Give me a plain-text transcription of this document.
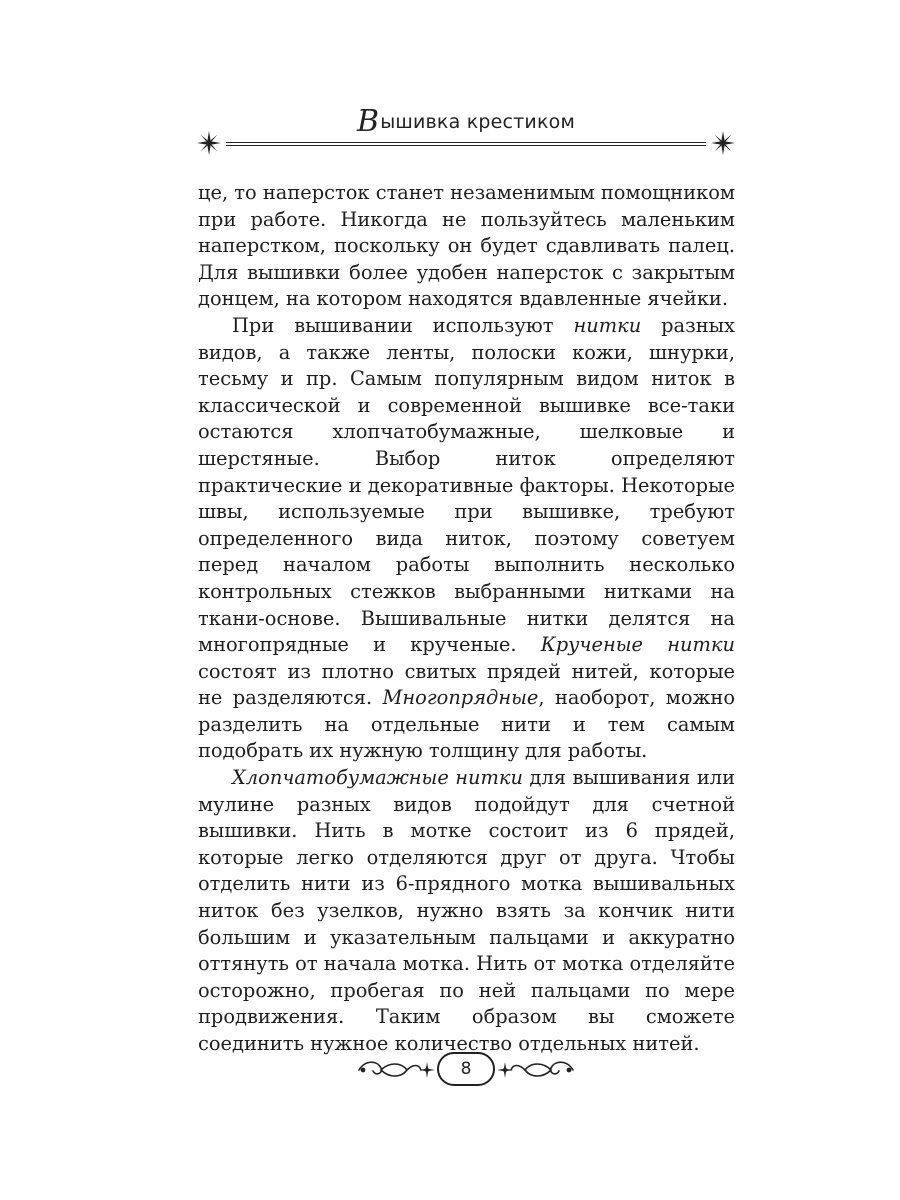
Вышивка крестиком

це, то наперсток станет незаменимым помощником при работе. Никогда не пользуйтесь маленьким наперстком, поскольку он будет сдавливать палец. Для вышивки более удобен наперсток с закрытым донцем, на котором находятся вдавленные ячейки.

При вышивании используют нитки разных видов, а также ленты, полоски кожи, шнурки, тесьму и пр. Самым популярным видом ниток в классической и современной вышивке все-таки остаются хлопчатобумажные, шелковые и шерстяные. Выбор ниток определяют практические и декоративные факторы. Некоторые швы, используемые при вышивке, требуют определенного вида ниток, поэтому советуем перед началом работы выполнить несколько контрольных стежков выбранными нитками на ткани-основе. Вышивальные нитки делятся на многопрядные и крученые. Крученые нитки состоят из плотно свитых прядей нитей, которые не разделяются. Многопрядные, наоборот, можно разделить на отдельные нити и тем самым подобрать их нужную толщину для работы.

Хлопчатобумажные нитки для вышивания или мулине разных видов подойдут для счетной вышивки. Нить в мотке состоит из 6 прядей, которые легко отделяются друг от друга. Чтобы отделить нити из 6-прядного мотка вышивальных ниток без узелков, нужно взять за кончик нити большим и указательным пальцами и аккуратно оттянуть от начала мотка. Нить от мотка отделяйте осторожно, пробегая по ней пальцами по мере продвижения. Таким образом вы сможете соединить нужное количество отдельных нитей.

8
